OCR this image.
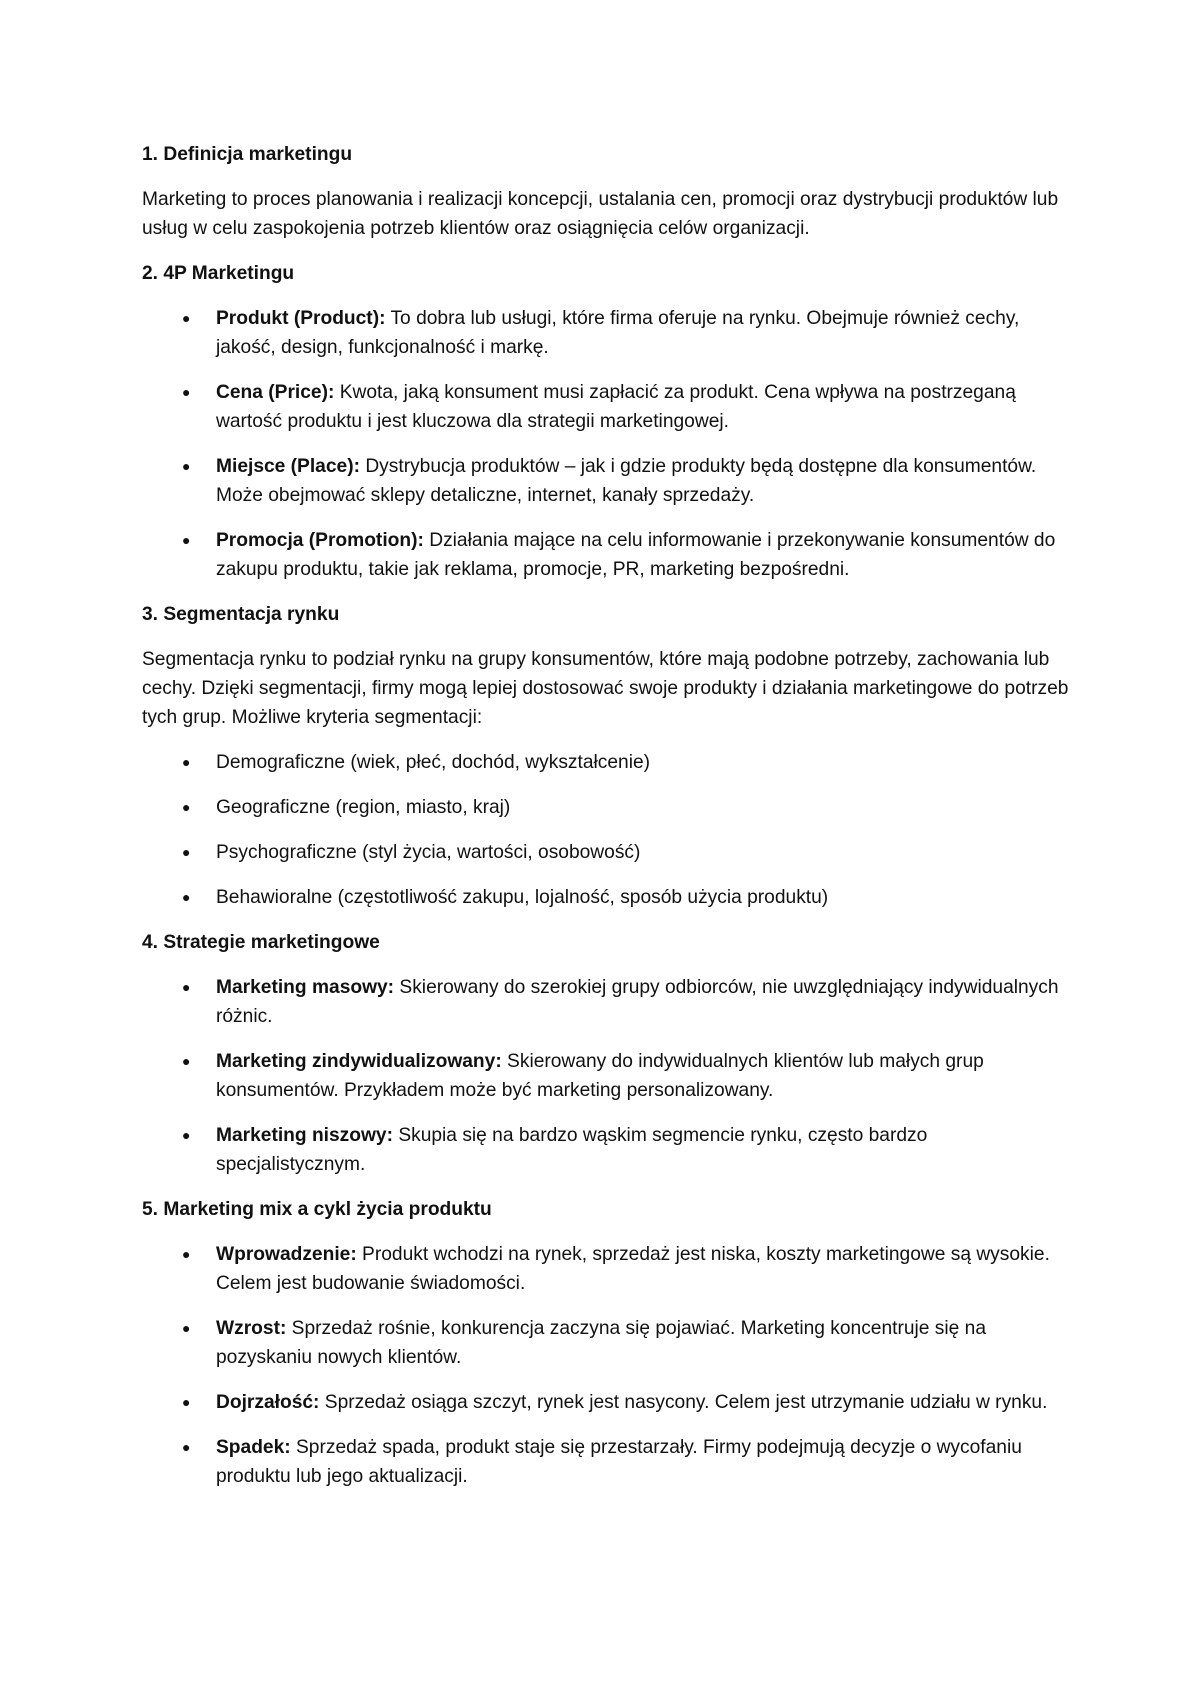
1. Definicja marketingu

Marketing to proces planowania i realizacji koncepcji, ustalania cen, promocji oraz dystrybucji produktów lub usług w celu zaspokojenia potrzeb klientów oraz osiągnięcia celów organizacji.

2. 4P Marketingu
● Produkt (Product): To dobra lub usługi, które firma oferuje na rynku. Obejmuje również cechy, jakość, design, funkcjonalność i markę.
● Cena (Price): Kwota, jaką konsument musi zapłacić za produkt. Cena wpływa na postrzeganą wartość produktu i jest kluczowa dla strategii marketingowej.
● Miejsce (Place): Dystrybucja produktów – jak i gdzie produkty będą dostępne dla konsumentów. Może obejmować sklepy detaliczne, internet, kanały sprzedaży.
● Promocja (Promotion): Działania mające na celu informowanie i przekonywanie konsumentów do zakupu produktu, takie jak reklama, promocje, PR, marketing bezpośredni.
3. Segmentacja rynku

Segmentacja rynku to podział rynku na grupy konsumentów, które mają podobne potrzeby, zachowania lub cechy. Dzięki segmentacji, firmy mogą lepiej dostosować swoje produkty i działania marketingowe do potrzeb tych grup. Możliwe kryteria segmentacji:

● Demograficzne (wiek, płeć, dochód, wykształcenie)
● Geograficzne (region, miasto, kraj)
● Psychograficzne (styl życia, wartości, osobowość)
● Behawioralne (częstotliwość zakupu, lojalność, sposób użycia produktu)
4. Strategie marketingowe
● Marketing masowy: Skierowany do szerokiej grupy odbiorców, nie uwzględniający indywidualnych różnic.
● Marketing zindywidualizowany: Skierowany do indywidualnych klientów lub małych grup konsumentów. Przykładem może być marketing personalizowany.
● Marketing niszowy: Skupia się na bardzo wąskim segmencie rynku, często bardzo specjalistycznym.
5. Marketing mix a cykl życia produktu
● Wprowadzenie: Produkt wchodzi na rynek, sprzedaż jest niska, koszty marketingowe są wysokie. Celem jest budowanie świadomości.
● Wzrost: Sprzedaż rośnie, konkurencja zaczyna się pojawiać. Marketing koncentruje się na pozyskaniu nowych klientów.
● Dojrzałość: Sprzedaż osiąga szczyt, rynek jest nasycony. Celem jest utrzymanie udziału w rynku.
● Spadek: Sprzedaż spada, produkt staje się przestarzały. Firmy podejmują decyzje o wycofaniu produktu lub jego aktualizacji.
